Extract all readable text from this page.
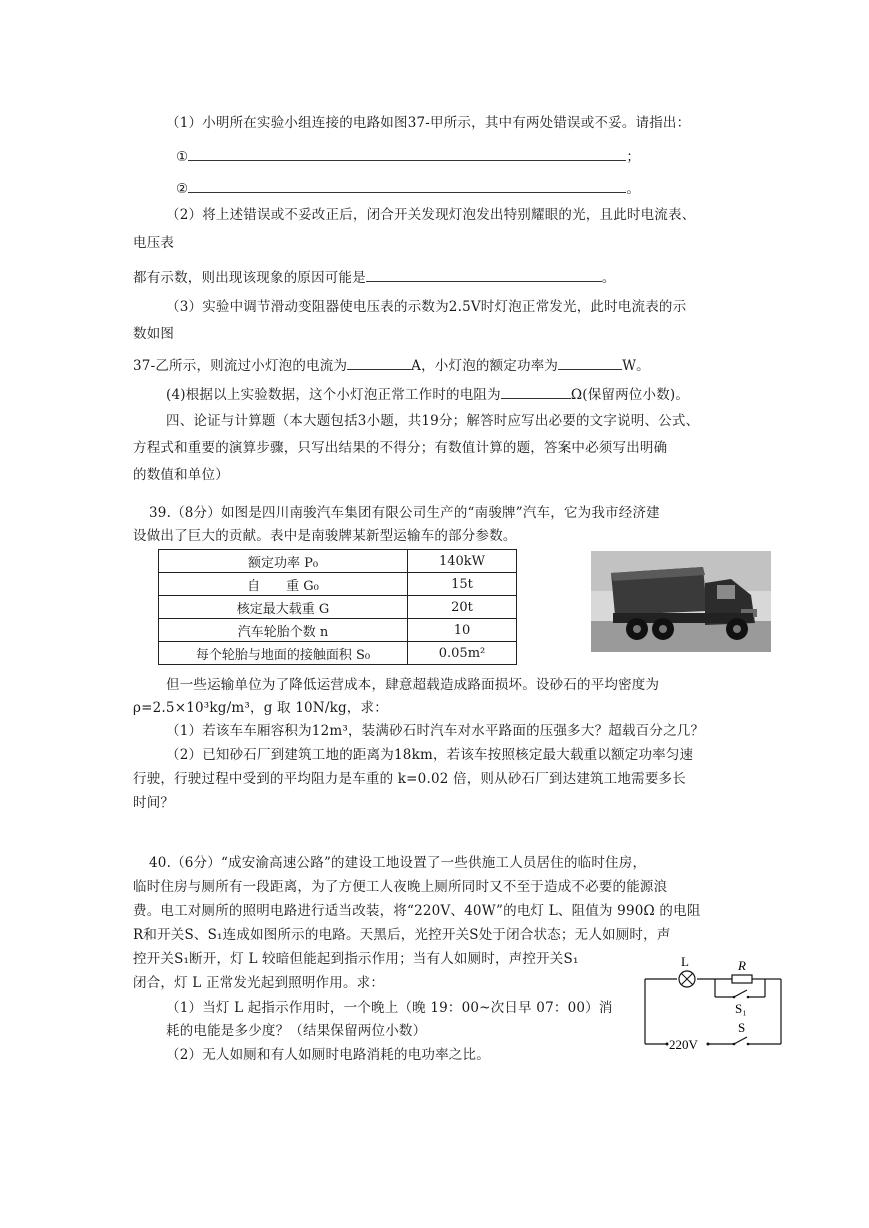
（1）小明所在实验小组连接的电路如图37-甲所示，其中有两处错误或不妥。请指出：
①	；
②	。
（2）将上述错误或不妥改正后，闭合开关发现灯泡发出特别耀眼的光，且此时电流表、
电压表
都有示数，则出现该现象的原因可能是	。
（3）实验中调节滑动变阻器使电压表的示数为2.5V时灯泡正常发光，此时电流表的示
数如图
37-乙所示，则流过小灯泡的电流为	A，小灯泡的额定功率为	W。
(4)根据以上实验数据，这个小灯泡正常工作时的电阻为	Ω(保留两位小数)。
四、论证与计算题（本大题包括3小题，共19分；解答时应写出必要的文字说明、公式、
方程式和重要的演算步骤，只写出结果的不得分；有数值计算的题，答案中必须写出明确
的数值和单位）
39.（8分）如图是四川南骏汽车集团有限公司生产的“南骏牌”汽车，它为我市经济建
设做出了巨大的贡献。表中是南骏牌某新型运输车的部分参数。
额定功率 P₀	140kW
自　　重 G₀	15t
核定最大载重 G	20t
汽车轮胎个数 n	10
每个轮胎与地面的接触面积 S₀	0.05m²
但一些运输单位为了降低运营成本，肆意超载造成路面损坏。设砂石的平均密度为
ρ=2.5×10³kg/m³，g 取 10N/kg，求：
（1）若该车车厢容积为12m³，装满砂石时汽车对水平路面的压强多大？超载百分之几？
（2）已知砂石厂到建筑工地的距离为18km，若该车按照核定最大载重以额定功率匀速
行驶，行驶过程中受到的平均阻力是车重的 k=0.02 倍，则从砂石厂到达建筑工地需要多长
时间？
40.（6分）“成安渝高速公路”的建设工地设置了一些供施工人员居住的临时住房，
临时住房与厕所有一段距离，为了方便工人夜晚上厕所同时又不至于造成不必要的能源浪
费。电工对厕所的照明电路进行适当改装，将“220V、40W”的电灯 L、阻值为 990Ω 的电阻
R和开关S、S₁连成如图所示的电路。天黑后，光控开关S处于闭合状态；无人如厕时，声
控开关S₁断开，灯 L 较暗但能起到指示作用；当有人如厕时，声控开关S₁
闭合，灯 L 正常发光起到照明作用。求：
（1）当灯 L 起指示作用时，一个晚上（晚 19：00~次日早 07：00）消
耗的电能是多少度？（结果保留两位小数）
（2）无人如厕和有人如厕时电路消耗的电功率之比。
L	R
S₁
220V
S
